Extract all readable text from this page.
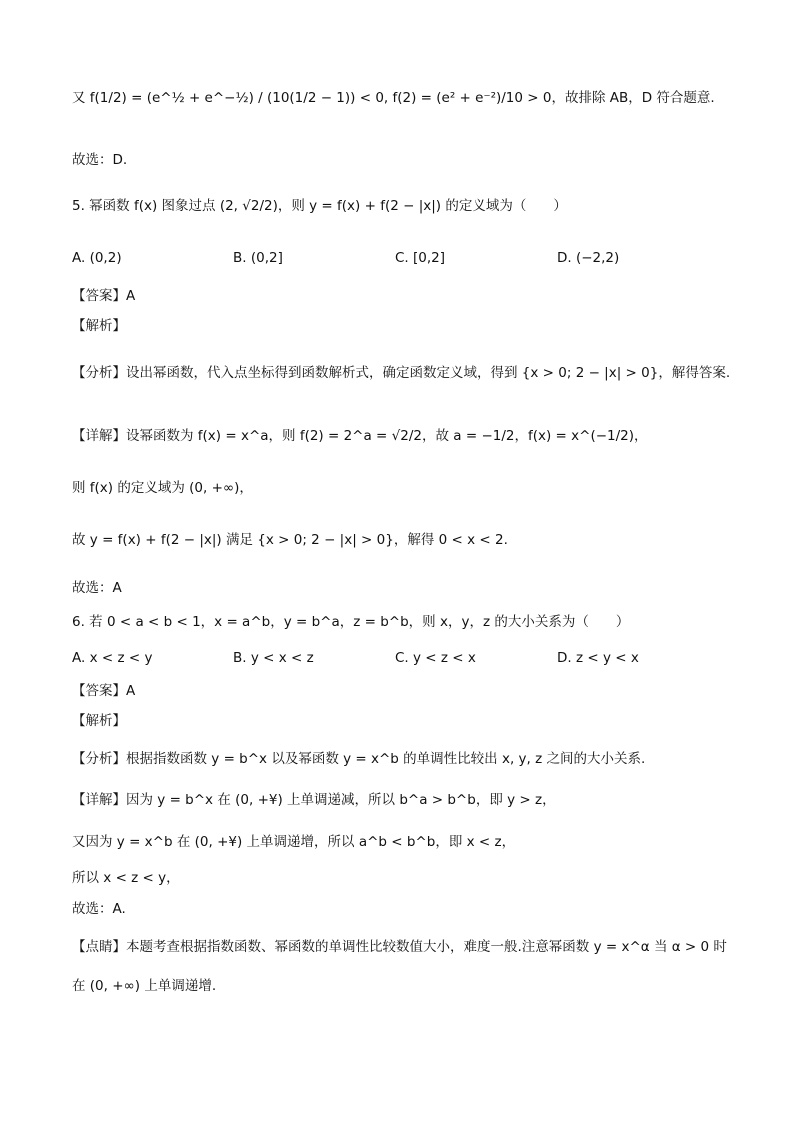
又 f(1/2) = (e^½ + e^−½) / (10(1/2 − 1)) < 0, f(2) = (e² + e⁻²)/10 > 0，故排除 AB，D 符合题意.
故选：D.
5. 幂函数 f(x) 图象过点 (2, √2/2)，则 y = f(x) + f(2 − |x|) 的定义域为（　　）
A. (0,2)	B. (0,2]	C. [0,2]	D. (−2,2)
【答案】A
【解析】
【分析】设出幂函数，代入点坐标得到函数解析式，确定函数定义域，得到 {x > 0; 2 − |x| > 0}，解得答案.
【详解】设幂函数为 f(x) = x^a，则 f(2) = 2^a = √2/2，故 a = −1/2，f(x) = x^(−1/2)，
则 f(x) 的定义域为 (0, +∞)，
故 y = f(x) + f(2 − |x|) 满足 {x > 0; 2 − |x| > 0}，解得 0 < x < 2.
故选：A
6. 若 0 < a < b < 1，x = a^b，y = b^a，z = b^b，则 x，y，z 的大小关系为（　　）
A. x < z < y	B. y < x < z	C. y < z < x	D. z < y < x
【答案】A
【解析】
【分析】根据指数函数 y = b^x 以及幂函数 y = x^b 的单调性比较出 x, y, z 之间的大小关系.
【详解】因为 y = b^x 在 (0, +¥) 上单调递减，所以 b^a > b^b，即 y > z，
又因为 y = x^b 在 (0, +¥) 上单调递增，所以 a^b < b^b，即 x < z，
所以 x < z < y，
故选：A.
【点睛】本题考查根据指数函数、幂函数的单调性比较数值大小，难度一般.注意幂函数 y = x^α 当 α > 0 时
在 (0, +∞) 上单调递增.
